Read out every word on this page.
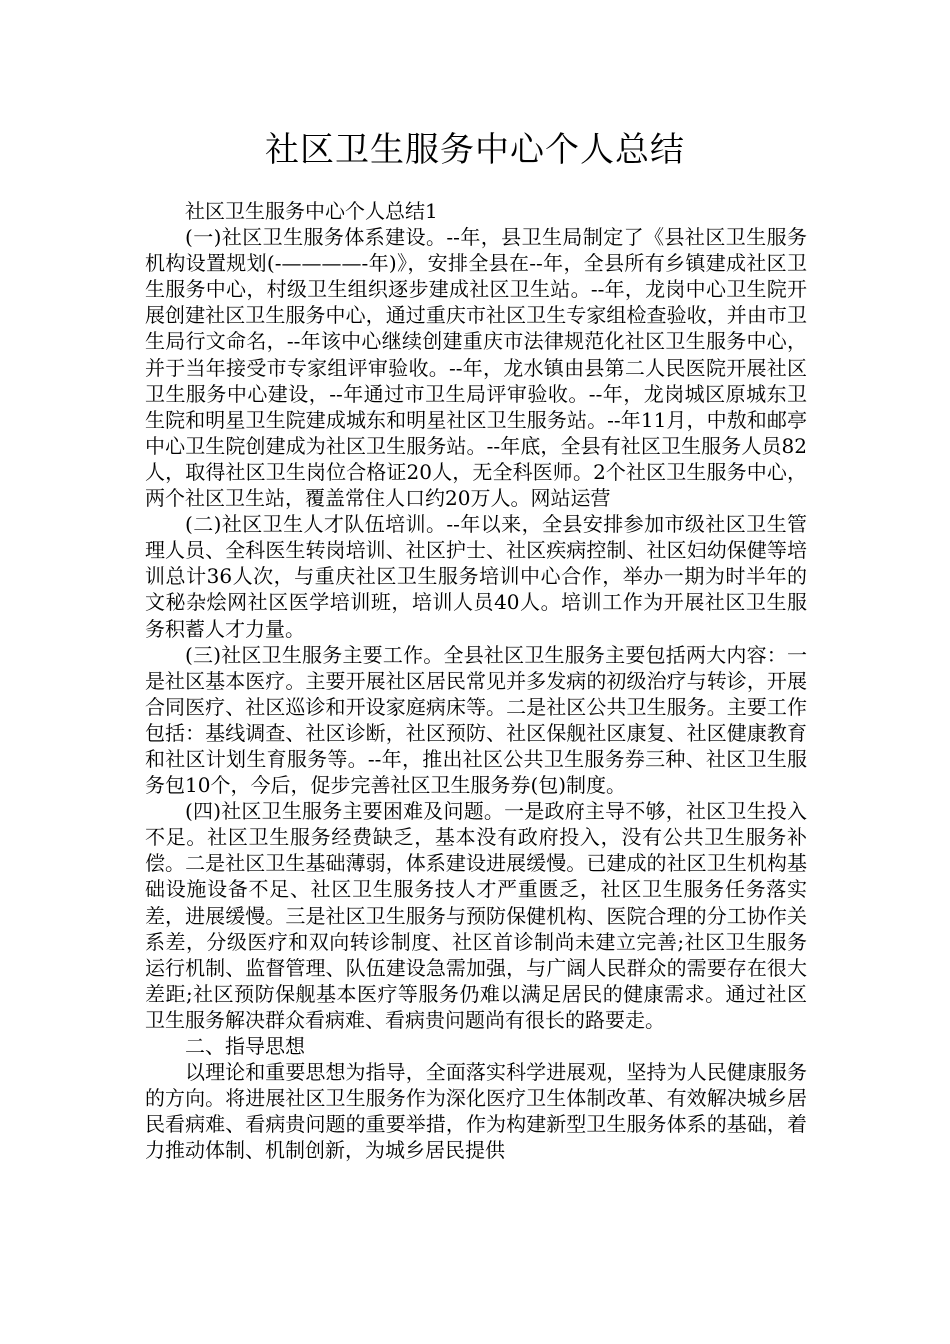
社区卫生服务中心个人总结

社区卫生服务中心个人总结1

(一)社区卫生服务体系建设。--年，县卫生局制定了《县社区卫生服务机构设置规划(-————-年)》，安排全县在--年，全县所有乡镇建成社区卫生服务中心，村级卫生组织逐步建成社区卫生站。--年，龙岗中心卫生院开展创建社区卫生服务中心，通过重庆市社区卫生专家组检查验收，并由市卫生局行文命名，--年该中心继续创建重庆市法律规范化社区卫生服务中心，并于当年接受市专家组评审验收。--年，龙水镇由县第二人民医院开展社区卫生服务中心建设，--年通过市卫生局评审验收。--年，龙岗城区原城东卫生院和明星卫生院建成城东和明星社区卫生服务站。--年11月，中敖和邮亭中心卫生院创建成为社区卫生服务站。--年底，全县有社区卫生服务人员82人，取得社区卫生岗位合格证20人，无全科医师。2个社区卫生服务中心，两个社区卫生站，覆盖常住人口约20万人。网站运营

(二)社区卫生人才队伍培训。--年以来，全县安排参加市级社区卫生管理人员、全科医生转岗培训、社区护士、社区疾病控制、社区妇幼保健等培训总计36人次，与重庆社区卫生服务培训中心合作，举办一期为时半年的文秘杂烩网社区医学培训班，培训人员40人。培训工作为开展社区卫生服务积蓄人才力量。

(三)社区卫生服务主要工作。全县社区卫生服务主要包括两大内容：一是社区基本医疗。主要开展社区居民常见并多发病的初级治疗与转诊，开展合同医疗、社区巡诊和开设家庭病床等。二是社区公共卫生服务。主要工作包括：基线调查、社区诊断，社区预防、社区保舰社区康复、社区健康教育和社区计划生育服务等。--年，推出社区公共卫生服务券三种、社区卫生服务包10个，今后，促步完善社区卫生服务券(包)制度。

(四)社区卫生服务主要困难及问题。一是政府主导不够，社区卫生投入不足。社区卫生服务经费缺乏，基本没有政府投入，没有公共卫生服务补偿。二是社区卫生基础薄弱，体系建设进展缓慢。已建成的社区卫生机构基础设施设备不足、社区卫生服务技人才严重匮乏，社区卫生服务任务落实差，进展缓慢。三是社区卫生服务与预防保健机构、医院合理的分工协作关系差，分级医疗和双向转诊制度、社区首诊制尚未建立完善;社区卫生服务运行机制、监督管理、队伍建设急需加强，与广阔人民群众的需要存在很大差距;社区预防保舰基本医疗等服务仍难以满足居民的健康需求。通过社区卫生服务解决群众看病难、看病贵问题尚有很长的路要走。

二、指导思想

以理论和重要思想为指导，全面落实科学进展观，坚持为人民健康服务的方向。将进展社区卫生服务作为深化医疗卫生体制改革、有效解决城乡居民看病难、看病贵问题的重要举措，作为构建新型卫生服务体系的基础，着力推动体制、机制创新，为城乡居民提供
